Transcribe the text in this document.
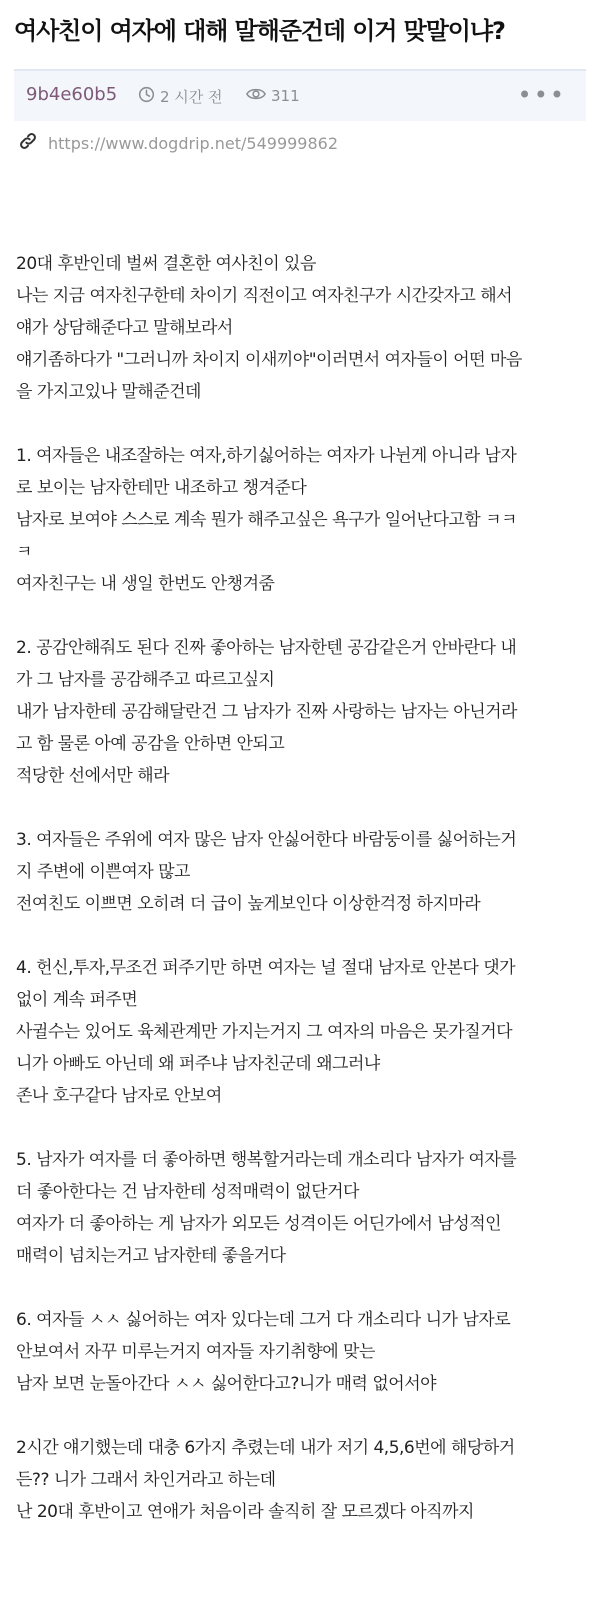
여사친이 여자에 대해 말해준건데 이거 맞말이냐?
9b4e60b5	2 시간 전	311	•••
https://www.dogdrip.net/549999862
20대 후반인데 벌써 결혼한 여사친이 있음
나는 지금 여자친구한테 차이기 직전이고 여자친구가 시간갖자고 해서
얘가 상담해준다고 말해보라서
얘기좀하다가 "그러니까 차이지 이새끼야"이러면서 여자들이 어떤 마음
을 가지고있나 말해준건데
1. 여자들은 내조잘하는 여자,하기싫어하는 여자가 나뉜게 아니라 남자
로 보이는 남자한테만 내조하고 챙겨준다
남자로 보여야 스스로 계속 뭔가 해주고싶은 욕구가 일어난다고함 ㅋㅋ
ㅋ
여자친구는 내 생일 한번도 안챙겨줌
2. 공감안해줘도 된다 진짜 좋아하는 남자한텐 공감같은거 안바란다 내
가 그 남자를 공감해주고 따르고싶지
내가 남자한테 공감해달란건 그 남자가 진짜 사랑하는 남자는 아닌거라
고 함 물론 아예 공감을 안하면 안되고
적당한 선에서만 해라
3. 여자들은 주위에 여자 많은 남자 안싫어한다 바람둥이를 싫어하는거
지 주변에 이쁜여자 많고
전여친도 이쁘면 오히려 더 급이 높게보인다 이상한걱정 하지마라
4. 헌신,투자,무조건 퍼주기만 하면 여자는 널 절대 남자로 안본다 댓가
없이 계속 퍼주면
사귈수는 있어도 육체관계만 가지는거지 그 여자의 마음은 못가질거다
니가 아빠도 아닌데 왜 퍼주냐 남자친군데 왜그러냐
존나 호구같다 남자로 안보여
5. 남자가 여자를 더 좋아하면 행복할거라는데 개소리다 남자가 여자를
더 좋아한다는 건 남자한테 성적매력이 없단거다
여자가 더 좋아하는 게 남자가 외모든 성격이든 어딘가에서 남성적인
매력이 넘치는거고 남자한테 좋을거다
6. 여자들 ㅅㅅ 싫어하는 여자 있다는데 그거 다 개소리다 니가 남자로
안보여서 자꾸 미루는거지 여자들 자기취향에 맞는
남자 보면 눈돌아간다 ㅅㅅ 싫어한다고?니가 매력 없어서야
2시간 얘기했는데 대충 6가지 추렸는데 내가 저기 4,5,6번에 해당하거
든?? 니가 그래서 차인거라고 하는데
난 20대 후반이고 연애가 처음이라 솔직히 잘 모르겠다 아직까지
